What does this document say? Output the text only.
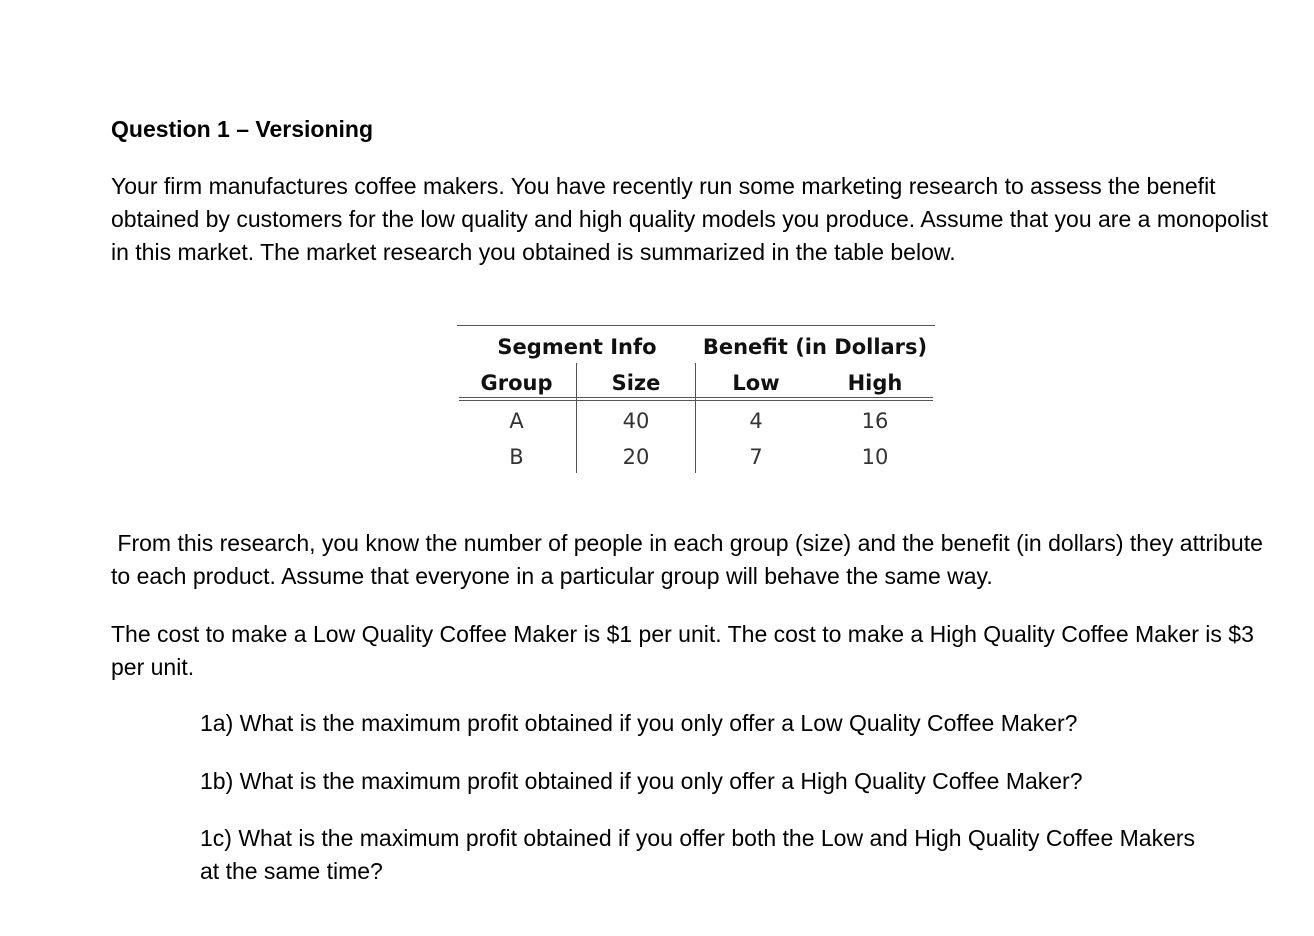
Question 1 – Versioning

Your firm manufactures coffee makers. You have recently run some marketing research to assess the benefit obtained by customers for the low quality and high quality models you produce. Assume that you are a monopolist in this market. The market research you obtained is summarized in the table below.

From this research, you know the number of people in each group (size) and the benefit (in dollars) they attribute to each product. Assume that everyone in a particular group will behave the same way.

The cost to make a Low Quality Coffee Maker is $1 per unit. The cost to make a High Quality Coffee Maker is $3 per unit.

1a) What is the maximum profit obtained if you only offer a Low Quality Coffee Maker?

1b) What is the maximum profit obtained if you only offer a High Quality Coffee Maker?

1c) What is the maximum profit obtained if you offer both the Low and High Quality Coffee Makers at the same time?

Segment Info	Benefit (in Dollars)
Group	Size	Low	High
A	40	4	16
B	20	7	10
